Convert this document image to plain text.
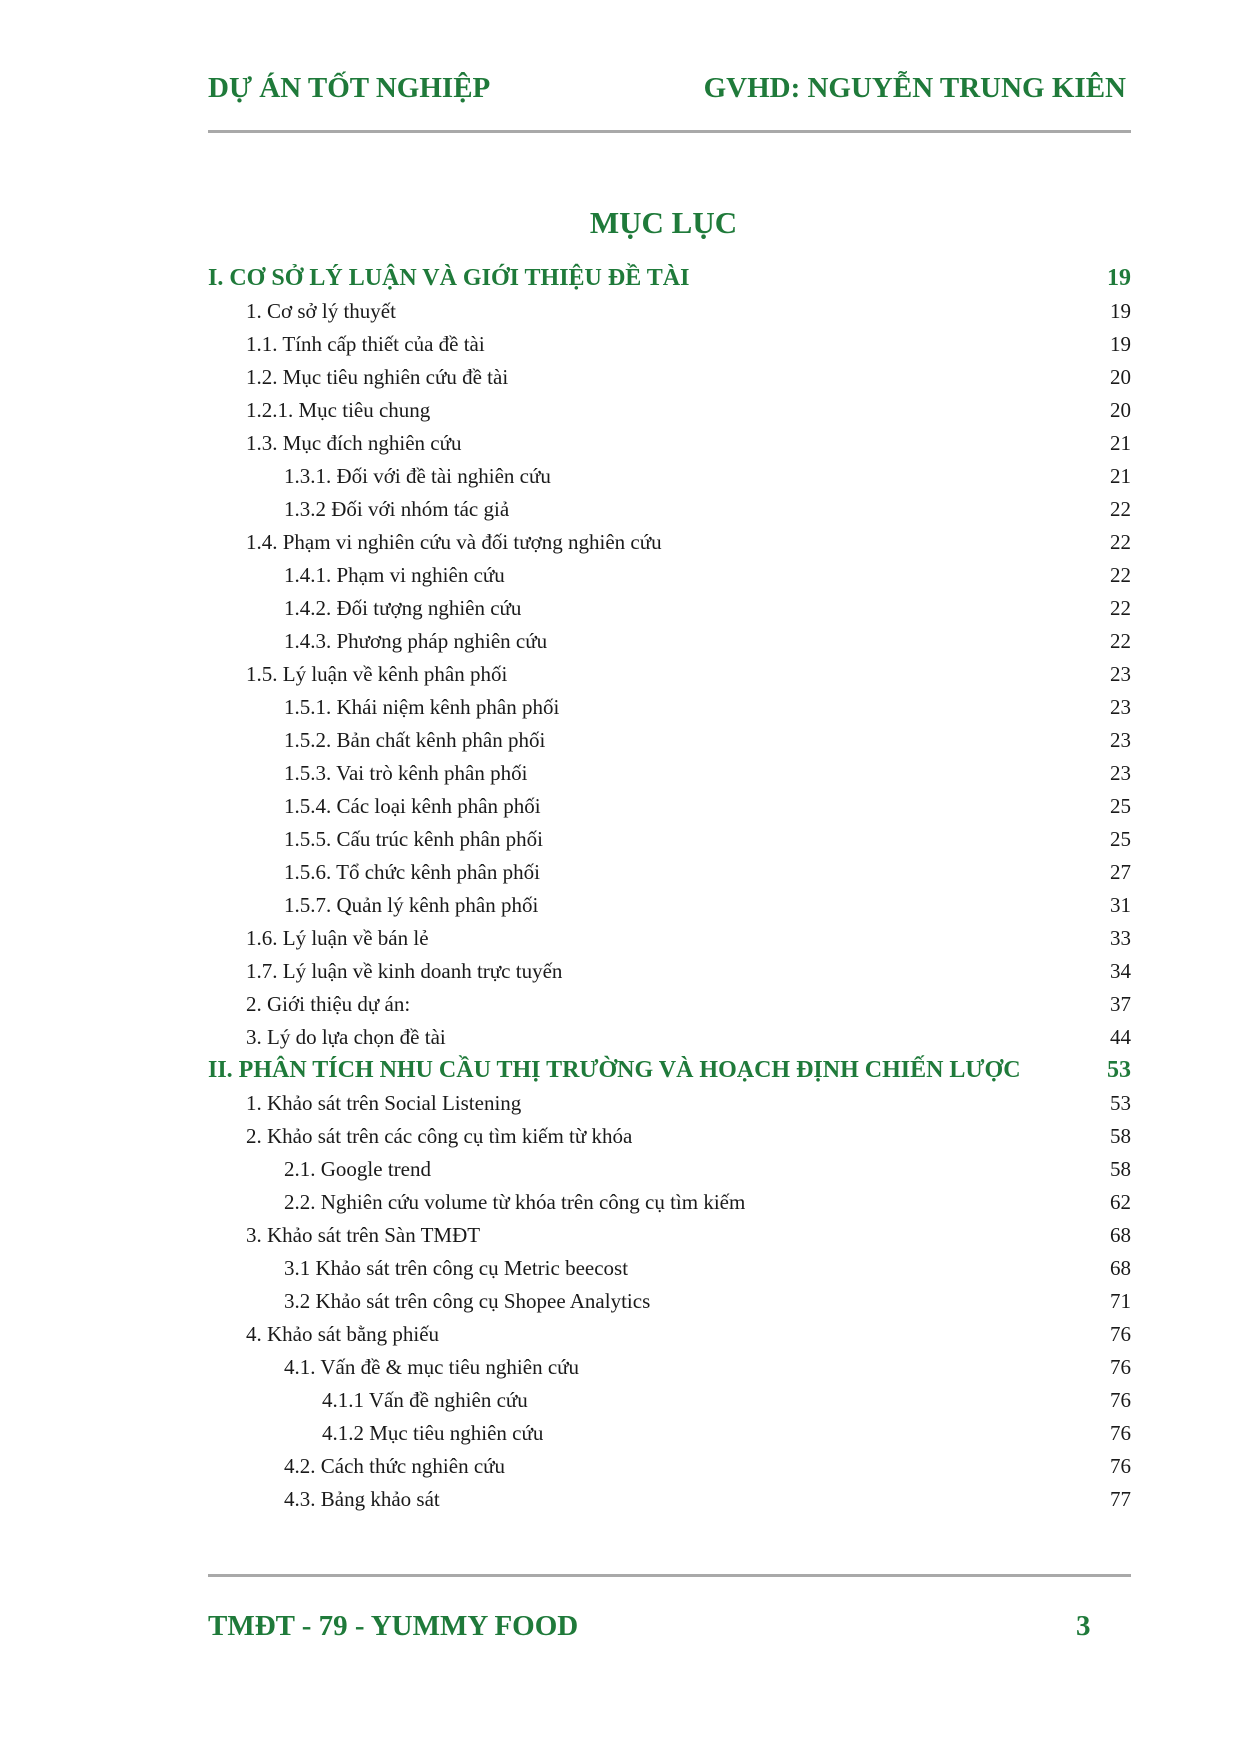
DỰ ÁN TỐT NGHIỆP	GVHD: NGUYỄN TRUNG KIÊN
MỤC LỤC
I. CƠ SỞ LÝ LUẬN VÀ GIỚI THIỆU ĐỀ TÀI	19
1. Cơ sở lý thuyết	19
1.1. Tính cấp thiết của đề tài	19
1.2. Mục tiêu nghiên cứu đề tài	20
1.2.1. Mục tiêu chung	20
1.3. Mục đích nghiên cứu	21
1.3.1. Đối với đề tài nghiên cứu	21
1.3.2 Đối với nhóm tác giả	22
1.4. Phạm vi nghiên cứu và đối tượng nghiên cứu	22
1.4.1. Phạm vi nghiên cứu	22
1.4.2. Đối tượng nghiên cứu	22
1.4.3. Phương pháp nghiên cứu	22
1.5. Lý luận về kênh phân phối	23
1.5.1. Khái niệm kênh phân phối	23
1.5.2. Bản chất kênh phân phối	23
1.5.3. Vai trò kênh phân phối	23
1.5.4. Các loại kênh phân phối	25
1.5.5. Cấu trúc kênh phân phối	25
1.5.6. Tổ chức kênh phân phối	27
1.5.7. Quản lý kênh phân phối	31
1.6. Lý luận về bán lẻ	33
1.7. Lý luận về kinh doanh trực tuyến	34
2. Giới thiệu dự án:	37
3. Lý do lựa chọn đề tài	44
II. PHÂN TÍCH NHU CẦU THỊ TRƯỜNG VÀ HOẠCH ĐỊNH CHIẾN LƯỢC	53
1. Khảo sát trên Social Listening	53
2. Khảo sát trên các công cụ tìm kiếm từ khóa	58
2.1. Google trend	58
2.2. Nghiên cứu volume từ khóa trên công cụ tìm kiếm	62
3. Khảo sát trên Sàn TMĐT	68
3.1 Khảo sát trên công cụ Metric beecost	68
3.2 Khảo sát trên công cụ Shopee Analytics	71
4. Khảo sát bằng phiếu	76
4.1. Vấn đề & mục tiêu nghiên cứu	76
4.1.1 Vấn đề nghiên cứu	76
4.1.2 Mục tiêu nghiên cứu	76
4.2. Cách thức nghiên cứu	76
4.3. Bảng khảo sát	77
TMĐT - 79 - YUMMY FOOD	3
